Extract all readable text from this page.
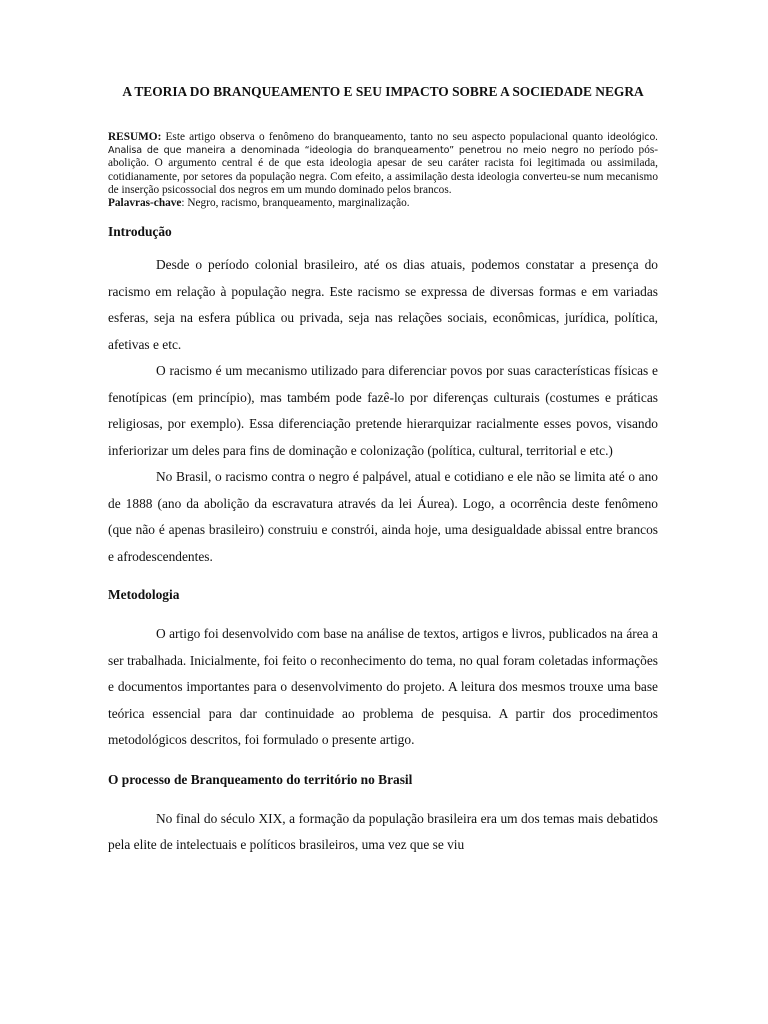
A TEORIA DO BRANQUEAMENTO E SEU IMPACTO SOBRE A SOCIEDADE NEGRA

RESUMO: Este artigo observa o fenômeno do branqueamento, tanto no seu aspecto populacional quanto ideológico. Analisa de que maneira a denominada “ideologia do branqueamento” penetrou no meio negro no período pós-abolição. O argumento central é de que esta ideologia apesar de seu caráter racista foi legitimada ou assimilada, cotidianamente, por setores da população negra. Com efeito, a assimilação desta ideologia converteu-se num mecanismo de inserção psicossocial dos negros em um mundo dominado pelos brancos.

Palavras-chave: Negro, racismo, branqueamento, marginalização.

Introdução

Desde o período colonial brasileiro, até os dias atuais, podemos constatar a presença do racismo em relação à população negra. Este racismo se expressa de diversas formas e em variadas esferas, seja na esfera pública ou privada, seja nas relações sociais, econômicas, jurídica, política, afetivas e etc.

O racismo é um mecanismo utilizado para diferenciar povos por suas características físicas e fenotípicas (em princípio), mas também pode fazê-lo por diferenças culturais (costumes e práticas religiosas, por exemplo). Essa diferenciação pretende hierarquizar racialmente esses povos, visando inferiorizar um deles para fins de dominação e colonização (política, cultural, territorial e etc.)

No Brasil, o racismo contra o negro é palpável, atual e cotidiano e ele não se limita até o ano de 1888 (ano da abolição da escravatura através da lei Áurea). Logo, a ocorrência deste fenômeno (que não é apenas brasileiro) construiu e constrói, ainda hoje, uma desigualdade abissal entre brancos e afrodescendentes.

Metodologia

O artigo foi desenvolvido com base na análise de textos, artigos e livros, publicados na área a ser trabalhada. Inicialmente, foi feito o reconhecimento do tema, no qual foram coletadas informações e documentos importantes para o desenvolvimento do projeto. A leitura dos mesmos trouxe uma base teórica essencial para dar continuidade ao problema de pesquisa. A partir dos procedimentos metodológicos descritos, foi formulado o presente artigo.

O processo de Branqueamento do território no Brasil

No final do século XIX, a formação da população brasileira era um dos temas mais debatidos pela elite de intelectuais e políticos brasileiros, uma vez que se viu
